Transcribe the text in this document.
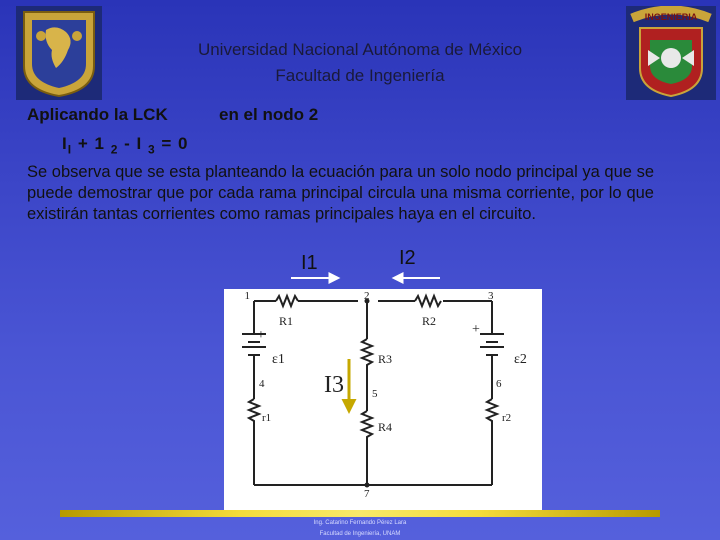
INGENIERIA
Universidad Nacional Autónoma de México
Facultad de Ingeniería
Aplicando la LCK	en el nodo 2
$I_I + 1$ $_2$ - I $_3$ = 0
Se observa que se esta planteando la ecuación para un solo nodo principal ya que se puede demostrar que por cada rama principal circula una misma corriente, por lo que existirán tantas corrientes como ramas principales haya en el circuito.
I1	I2
1	2	3
4
5
6
7
R1	R2
R3
R4
ε1	ε2
r1	r2
+	+
I3
Ing. Catarino Fernando Pérez Lara
Facultad de Ingeniería, UNAM
